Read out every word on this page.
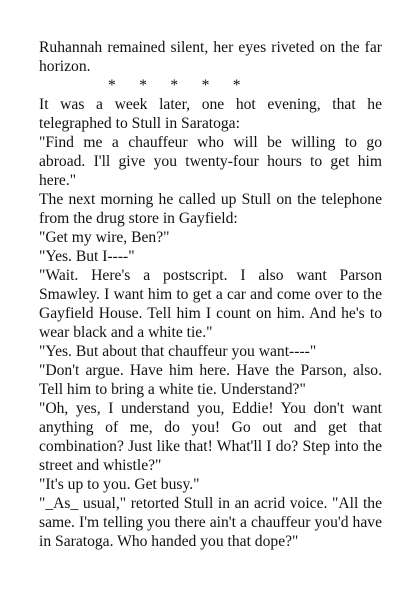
Ruhannah remained silent, her eyes riveted on the far horizon.

*      *      *      *      *

It was a week later, one hot evening, that he telegraphed to Stull in Saratoga:

"Find me a chauffeur who will be willing to go abroad. I'll give you twenty-four hours to get him here."

The next morning he called up Stull on the telephone from the drug store in Gayfield:

"Get my wire, Ben?"

"Yes. But I----"

"Wait. Here's a postscript. I also want Parson Smawley. I want him to get a car and come over to the Gayfield House. Tell him I count on him. And he's to wear black and a white tie."

"Yes. But about that chauffeur you want----"

"Don't argue. Have him here. Have the Parson, also. Tell him to bring a white tie. Understand?"

"Oh, yes, I understand you, Eddie! You don't want anything of me, do you! Go out and get that combination? Just like that! What'll I do? Step into the street and whistle?"

"It's up to you. Get busy."

"_As_ usual," retorted Stull in an acrid voice. "All the same. I'm telling you there ain't a chauffeur you'd have in Saratoga. Who handed you that dope?"
